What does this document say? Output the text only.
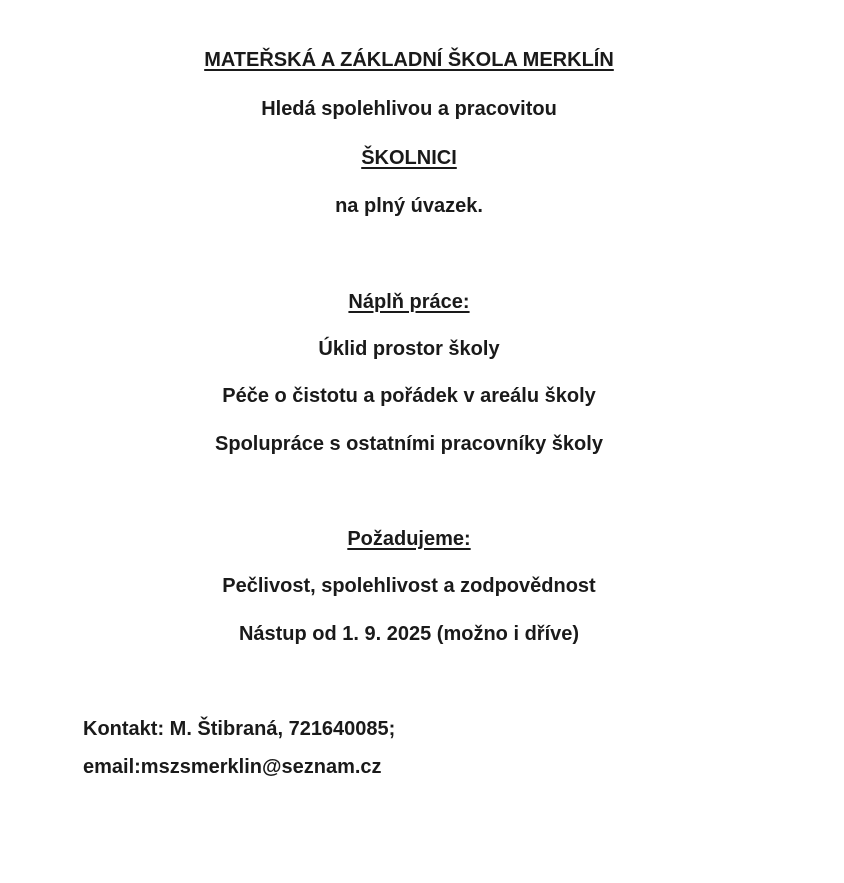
MATEŘSKÁ A ZÁKLADNÍ ŠKOLA MERKLÍN
Hledá spolehlivou a pracovitou
ŠKOLNICI
na plný úvazek.
Náplň práce:
Úklid prostor školy
Péče o čistotu a pořádek v areálu školy
Spolupráce s ostatními pracovníky školy
Požadujeme:
Pečlivost, spolehlivost a zodpovědnost
Nástup od 1. 9. 2025 (možno i dříve)
Kontakt: M. Štibraná, 721640085;
email:mszsmerklin@seznam.cz
